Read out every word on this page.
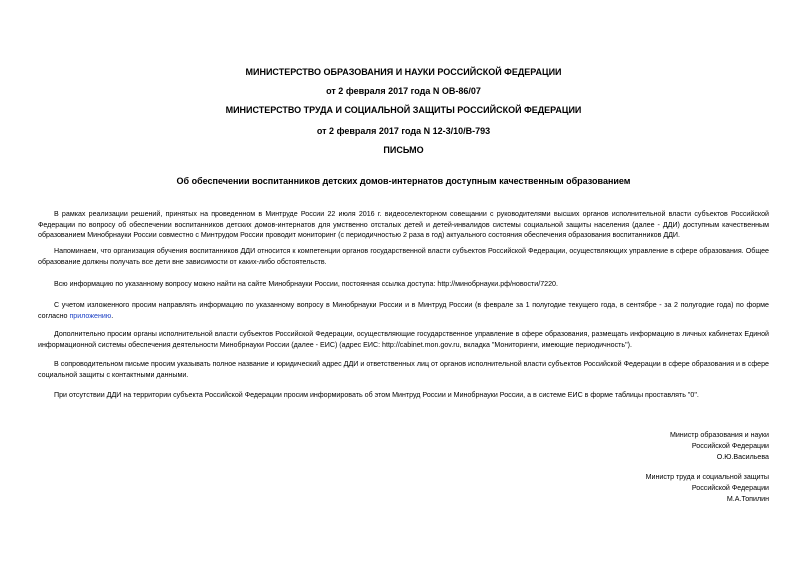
МИНИСТЕРСТВО ОБРАЗОВАНИЯ И НАУКИ РОССИЙСКОЙ ФЕДЕРАЦИИ
от 2 февраля 2017 года N ОВ-86/07
МИНИСТЕРСТВО ТРУДА И СОЦИАЛЬНОЙ ЗАЩИТЫ РОССИЙСКОЙ ФЕДЕРАЦИИ
от 2 февраля 2017 года N 12-3/10/В-793
ПИСЬМО
Об обеспечении воспитанников детских домов-интернатов доступным качественным образованием
В рамках реализации решений, принятых на проведенном в Минтруде России 22 июля 2016 г. видеоселекторном совещании с руководителями высших органов исполнительной власти субъектов Российской Федерации по вопросу об обеспечении воспитанников детских домов-интернатов для умственно отсталых детей и детей-инвалидов системы социальной защиты населения (далее - ДДИ) доступным качественным образованием Минобрнауки России совместно с Минтрудом России проводит мониторинг (с периодичностью 2 раза в год) актуального состояния обеспечения образования воспитанников ДДИ.
Напоминаем, что организация обучения воспитанников ДДИ относится к компетенции органов государственной власти субъектов Российской Федерации, осуществляющих управление в сфере образования. Общее образование должны получать все дети вне зависимости от каких-либо обстоятельств.
Всю информацию по указанному вопросу можно найти на сайте Минобрнауки России, постоянная ссылка доступа: http://минобрнауки.рф/новости/7220.
С учетом изложенного просим направлять информацию по указанному вопросу в Минобрнауки России и в Минтруд России (в феврале за 1 полугодие текущего года, в сентябре - за 2 полугодие года) по форме согласно приложению.
Дополнительно просим органы исполнительной власти субъектов Российской Федерации, осуществляющие государственное управление в сфере образования, размещать информацию в личных кабинетах Единой информационной системы обеспечения деятельности Минобрнауки России (далее - ЕИС) (адрес ЕИС: http://cabinet.mon.gov.ru, вкладка "Мониторинги, имеющие периодичность").
В сопроводительном письме просим указывать полное название и юридический адрес ДДИ и ответственных лиц от органов исполнительной власти субъектов Российской Федерации в сфере образования и в сфере социальной защиты с контактными данными.
При отсутствии ДДИ на территории субъекта Российской Федерации просим информировать об этом Минтруд России и Минобрнауки России, а в системе ЕИС в форме таблицы проставлять "0".
Министр образования и науки
Российской Федерации
О.Ю.Васильева
Министр труда и социальной защиты
Российской Федерации
М.А.Топилин
